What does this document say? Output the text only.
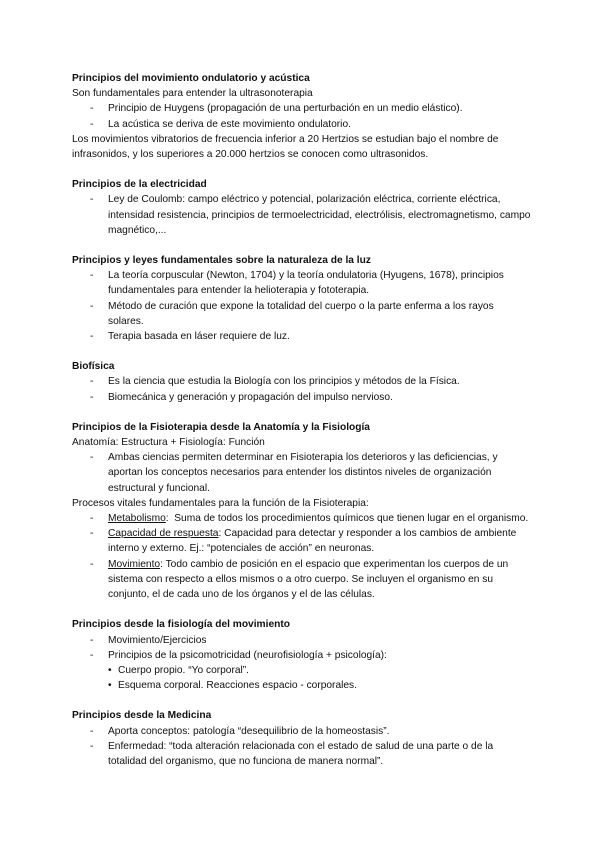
Principios del movimiento ondulatorio y acústica

Son fundamentales para entender la ultrasonoterapia

- Principio de Huygens (propagación de una perturbación en un medio elástico).
- La acústica se deriva de este movimiento ondulatorio.

Los movimientos vibratorios de frecuencia inferior a 20 Hertzios se estudian bajo el nombre de infrasonidos, y los superiores a 20.000 hertzios se conocen como ultrasonidos.

Principios de la electricidad

- Ley de Coulomb: campo eléctrico y potencial, polarización eléctrica, corriente eléctrica, intensidad resistencia, principios de termoelectricidad, electrólisis, electromagnetismo, campo magnético,...

Principios y leyes fundamentales sobre la naturaleza de la luz

- La teoría corpuscular (Newton, 1704) y la teoría ondulatoria (Hyugens, 1678), principios fundamentales para entender la helioterapia y fototerapia.
- Método de curación que expone la totalidad del cuerpo o la parte enferma a los rayos solares.
- Terapia basada en láser requiere de luz.

Biofísica

- Es la ciencia que estudia la Biología con los principios y métodos de la Física.
- Biomecánica y generación y propagación del impulso nervioso.

Principios de la Fisioterapia desde la Anatomía y la Fisiología

Anatomía: Estructura + Fisiología: Función

- Ambas ciencias permiten determinar en Fisioterapia los deterioros y las deficiencias, y aportan los conceptos necesarios para entender los distintos niveles de organización estructural y funcional.

Procesos vitales fundamentales para la función de la Fisioterapia:

- Metabolismo:  Suma de todos los procedimientos químicos que tienen lugar en el organismo.
- Capacidad de respuesta: Capacidad para detectar y responder a los cambios de ambiente interno y externo. Ej.: “potenciales de acción” en neuronas.
- Movimiento: Todo cambio de posición en el espacio que experimentan los cuerpos de un sistema con respecto a ellos mismos o a otro cuerpo. Se incluyen el organismo en su conjunto, el de cada uno de los órganos y el de las células.

Principios desde la fisiología del movimiento

- Movimiento/Ejercicios
- Principios de la psicomotricidad (neurofisiología + psicología):
• Cuerpo propio. “Yo corporal”.
• Esquema corporal. Reacciones espacio - corporales.

Principios desde la Medicina

- Aporta conceptos: patología “desequilibrio de la homeostasis”.
- Enfermedad: “toda alteración relacionada con el estado de salud de una parte o de la totalidad del organismo, que no funciona de manera normal”.
